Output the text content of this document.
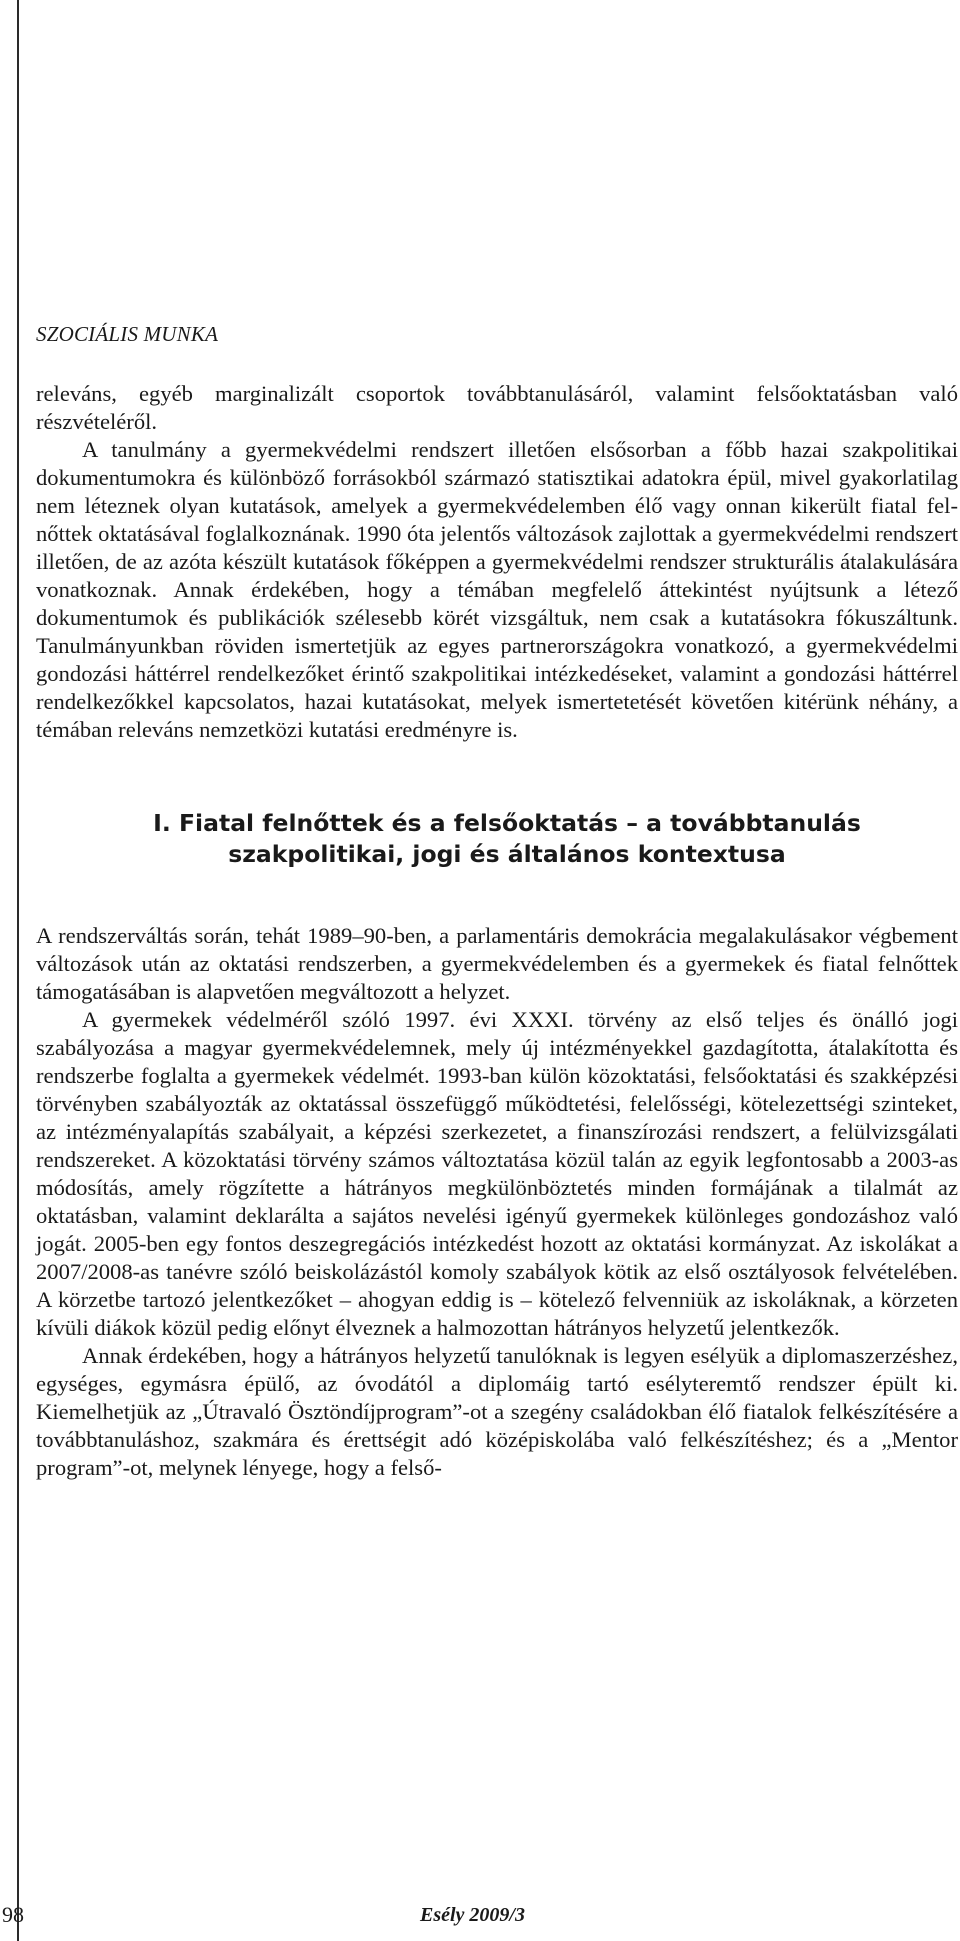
SZOCIÁLIS MUNKA

releváns, egyéb marginalizált csoportok továbbtanulásáról, valamint felsőoktatásban való részvételéről.

A tanulmány a gyermekvédelmi rendszert illetően elsősorban a főbb hazai szakpolitikai dokumentumokra és különböző forrásokból származó statisztikai adatokra épül, mivel gyakorlatilag nem léteznek olyan kutatások, amelyek a gyermekvédelemben élő vagy onnan kikerült fiatal felnőttek oktatásával foglalkoznának. 1990 óta jelentős változások zajlottak a gyermekvédelmi rendszert illetően, de az azóta készült kutatások főképpen a gyermekvédelmi rendszer strukturális átalakulására vonatkoznak. Annak érdekében, hogy a témában megfelelő áttekintést nyújtsunk a létező dokumentumok és publikációk szélesebb körét vizsgáltuk, nem csak a kutatásokra fókuszáltunk. Tanulmányunkban röviden ismertetjük az egyes partnerországokra vonatkozó, a gyermekvédelmi gondozási háttérrel rendelkezőket érintő szakpolitikai intézkedéseket, valamint a gondozási háttérrel rendelkezőkkel kapcsolatos, hazai kutatásokat, melyek ismertetetését követően kitérünk néhány, a témában releváns nemzetközi kutatási eredményre is.

I. Fiatal felnőttek és a felsőoktatás – a továbbtanulás
szakpolitikai, jogi és általános kontextusa

A rendszerváltás során, tehát 1989–90-ben, a parlamentáris demokrácia megalakulásakor végbement változások után az oktatási rendszerben, a gyermekvédelemben és a gyermekek és fiatal felnőttek támogatásában is alapvetően megváltozott a helyzet.

A gyermekek védelméről szóló 1997. évi XXXI. törvény az első teljes és önálló jogi szabályozása a magyar gyermekvédelemnek, mely új intézményekkel gazdagította, átalakította és rendszerbe foglalta a gyermekek védelmét. 1993-ban külön közoktatási, felsőoktatási és szakképzési törvényben szabályozták az oktatással összefüggő működtetési, felelősségi, kötelezettségi szinteket, az intézményalapítás szabályait, a képzési szerkezetet, a finanszírozási rendszert, a felülvizsgálati rendszereket. A közoktatási törvény számos változtatása közül talán az egyik legfontosabb a 2003-as módosítás, amely rögzítette a hátrányos megkülönböztetés minden formájának a tilalmát az oktatásban, valamint deklarálta a sajátos nevelési igényű gyermekek különleges gondozáshoz való jogát. 2005-ben egy fontos deszegregációs intézkedést hozott az oktatási kormányzat. Az iskolákat a 2007/2008-as tanévre szóló beiskolázástól komoly szabályok kötik az első osztályosok felvételében. A körzetbe tartozó jelentkezőket – ahogyan eddig is – kötelező felvenniük az iskoláknak, a körzeten kívüli diákok közül pedig előnyt élveznek a halmozottan hátrányos helyzetű jelentkezők.

Annak érdekében, hogy a hátrányos helyzetű tanulóknak is legyen esélyük a diplomaszerzéshez, egységes, egymásra épülő, az óvodától a diplomáig tartó esélyteremtő rendszer épült ki. Kiemelhetjük az „Útravaló Ösztöndíjprogram”-ot a szegény családokban élő fiatalok felkészítésére a továbbtanuláshoz, szakmára és érettségit adó középiskolába való felkészítéshez; és a „Mentor program”-ot, melynek lényege, hogy a felső-

98	Esély 2009/3
